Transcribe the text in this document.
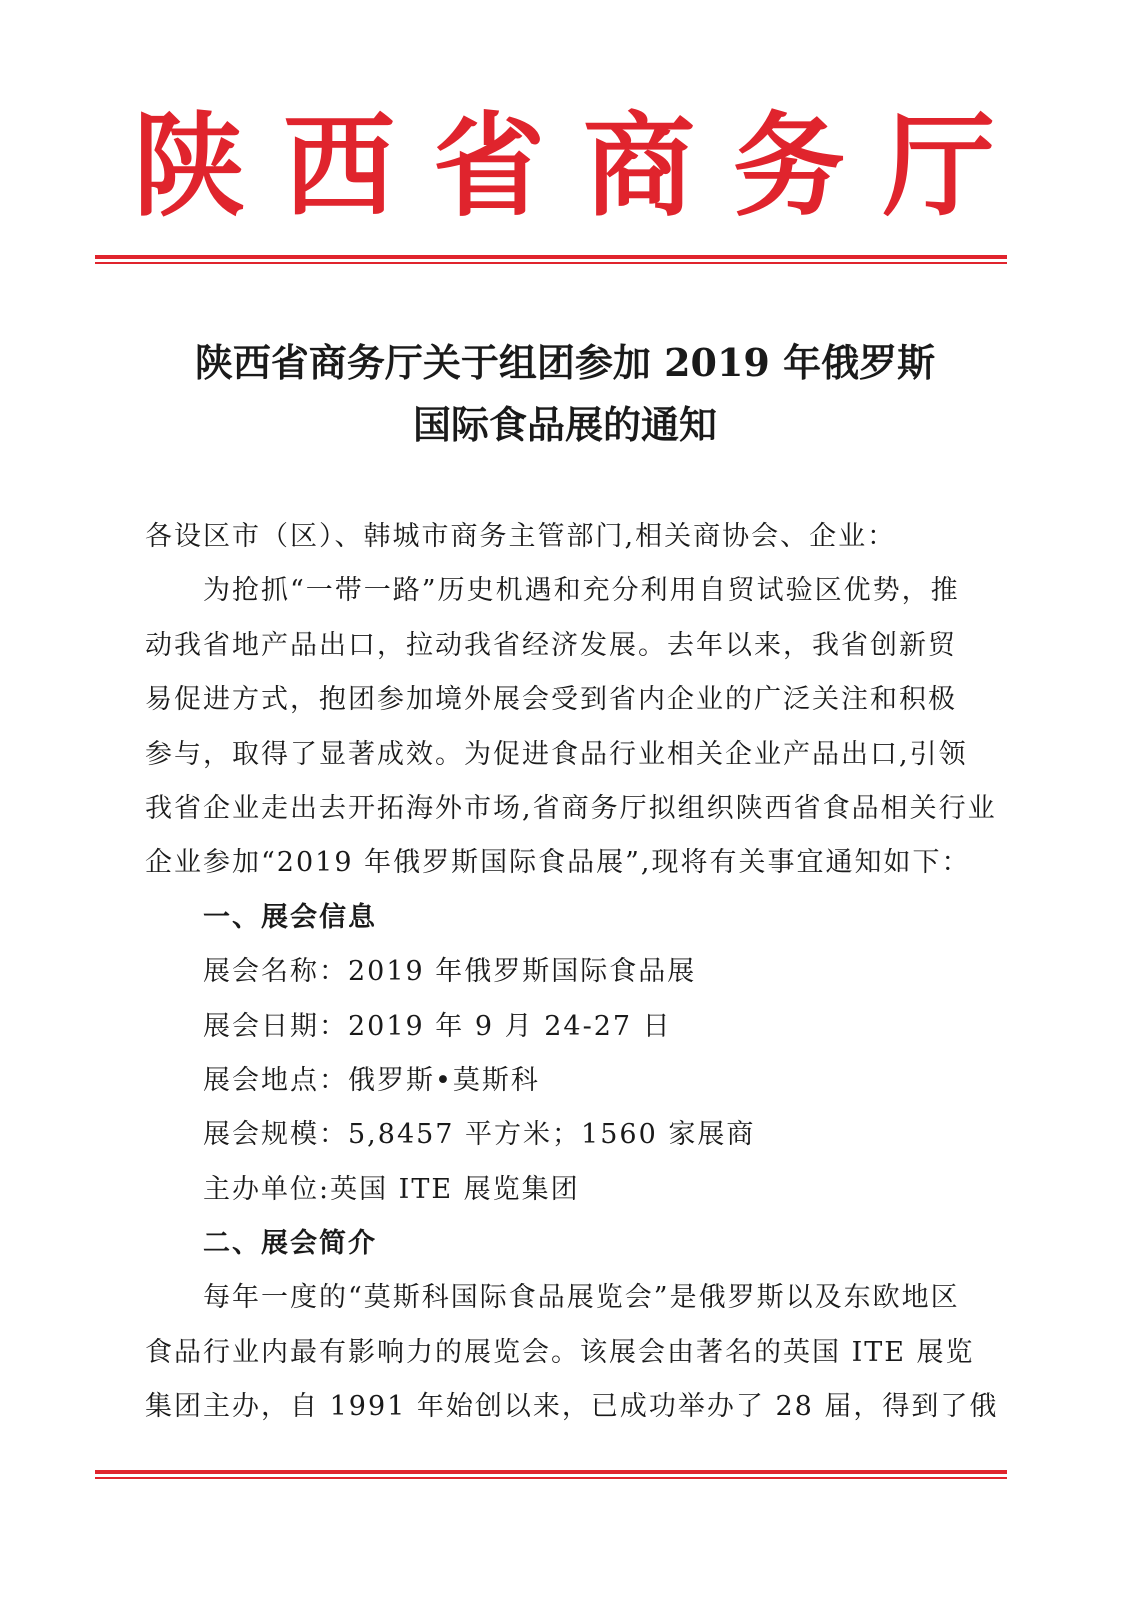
陕西省商务厅
陕西省商务厅关于组团参加 2019 年俄罗斯
国际食品展的通知
各设区市（区）、韩城市商务主管部门,相关商协会、企业：
为抢抓“一带一路”历史机遇和充分利用自贸试验区优势，推
动我省地产品出口，拉动我省经济发展。去年以来，我省创新贸
易促进方式，抱团参加境外展会受到省内企业的广泛关注和积极
参与，取得了显著成效。为促进食品行业相关企业产品出口,引领
我省企业走出去开拓海外市场,省商务厅拟组织陕西省食品相关行业
企业参加“2019 年俄罗斯国际食品展”,现将有关事宜通知如下：
一、展会信息
展会名称：2019 年俄罗斯国际食品展
展会日期：2019 年 9 月 24-27 日
展会地点：俄罗斯•莫斯科
展会规模：5,8457 平方米；1560 家展商
主办单位:英国 ITE 展览集团
二、展会简介
每年一度的“莫斯科国际食品展览会”是俄罗斯以及东欧地区
食品行业内最有影响力的展览会。该展会由著名的英国 ITE 展览
集团主办，自 1991 年始创以来，已成功举办了 28 届，得到了俄
